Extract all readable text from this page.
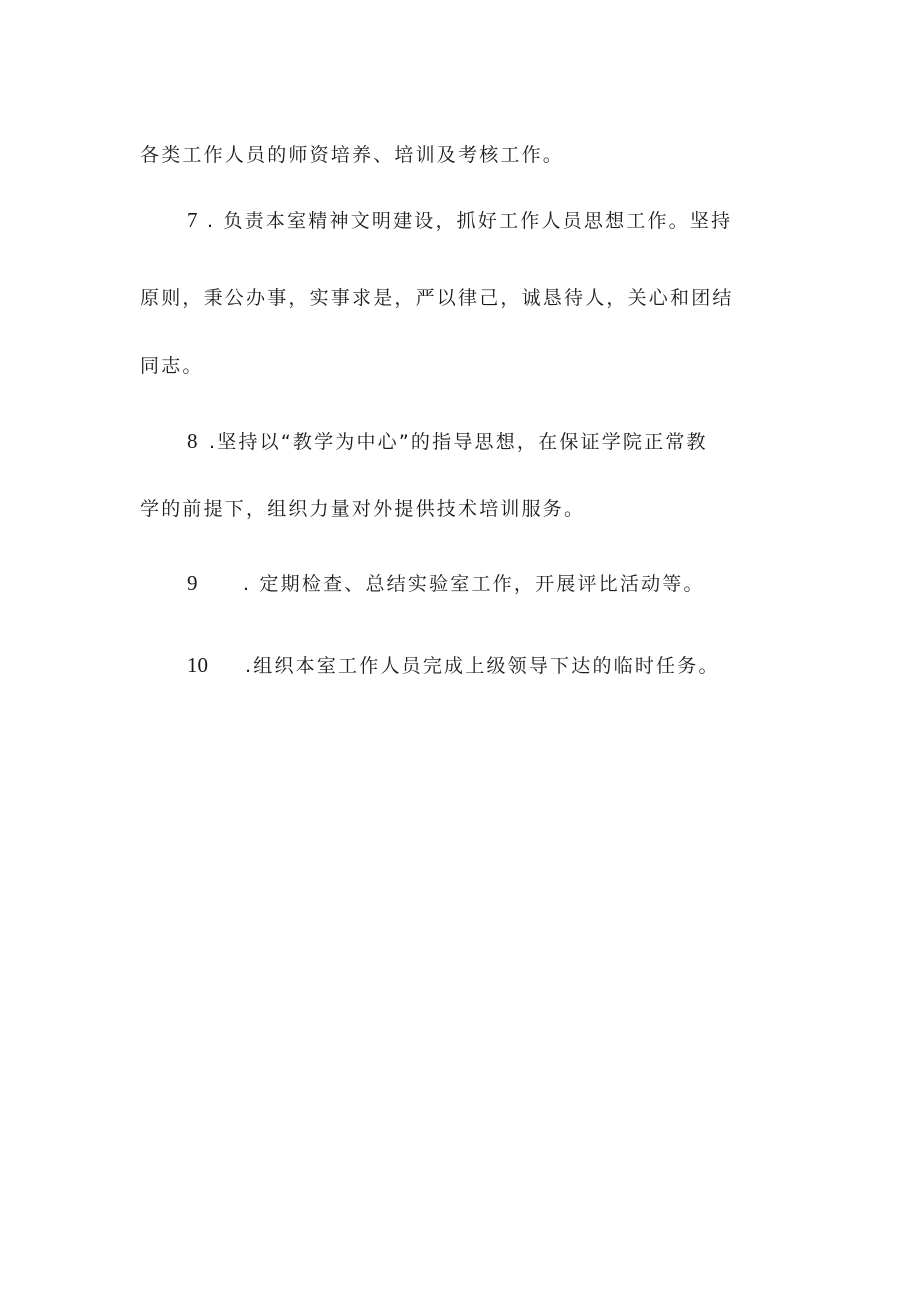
各类工作人员的师资培养、培训及考核工作。
7 . 负责本室精神文明建设，抓好工作人员思想工作。坚持
原则，秉公办事，实事求是，严以律己，诚恳待人，关心和团结
同志。
8 .坚持以“教学为中心”的指导思想，在保证学院正常教
学的前提下，组织力量对外提供技术培训服务。
9 . 定期检查、总结实验室工作，开展评比活动等。
10 .组织本室工作人员完成上级领导下达的临时任务。
